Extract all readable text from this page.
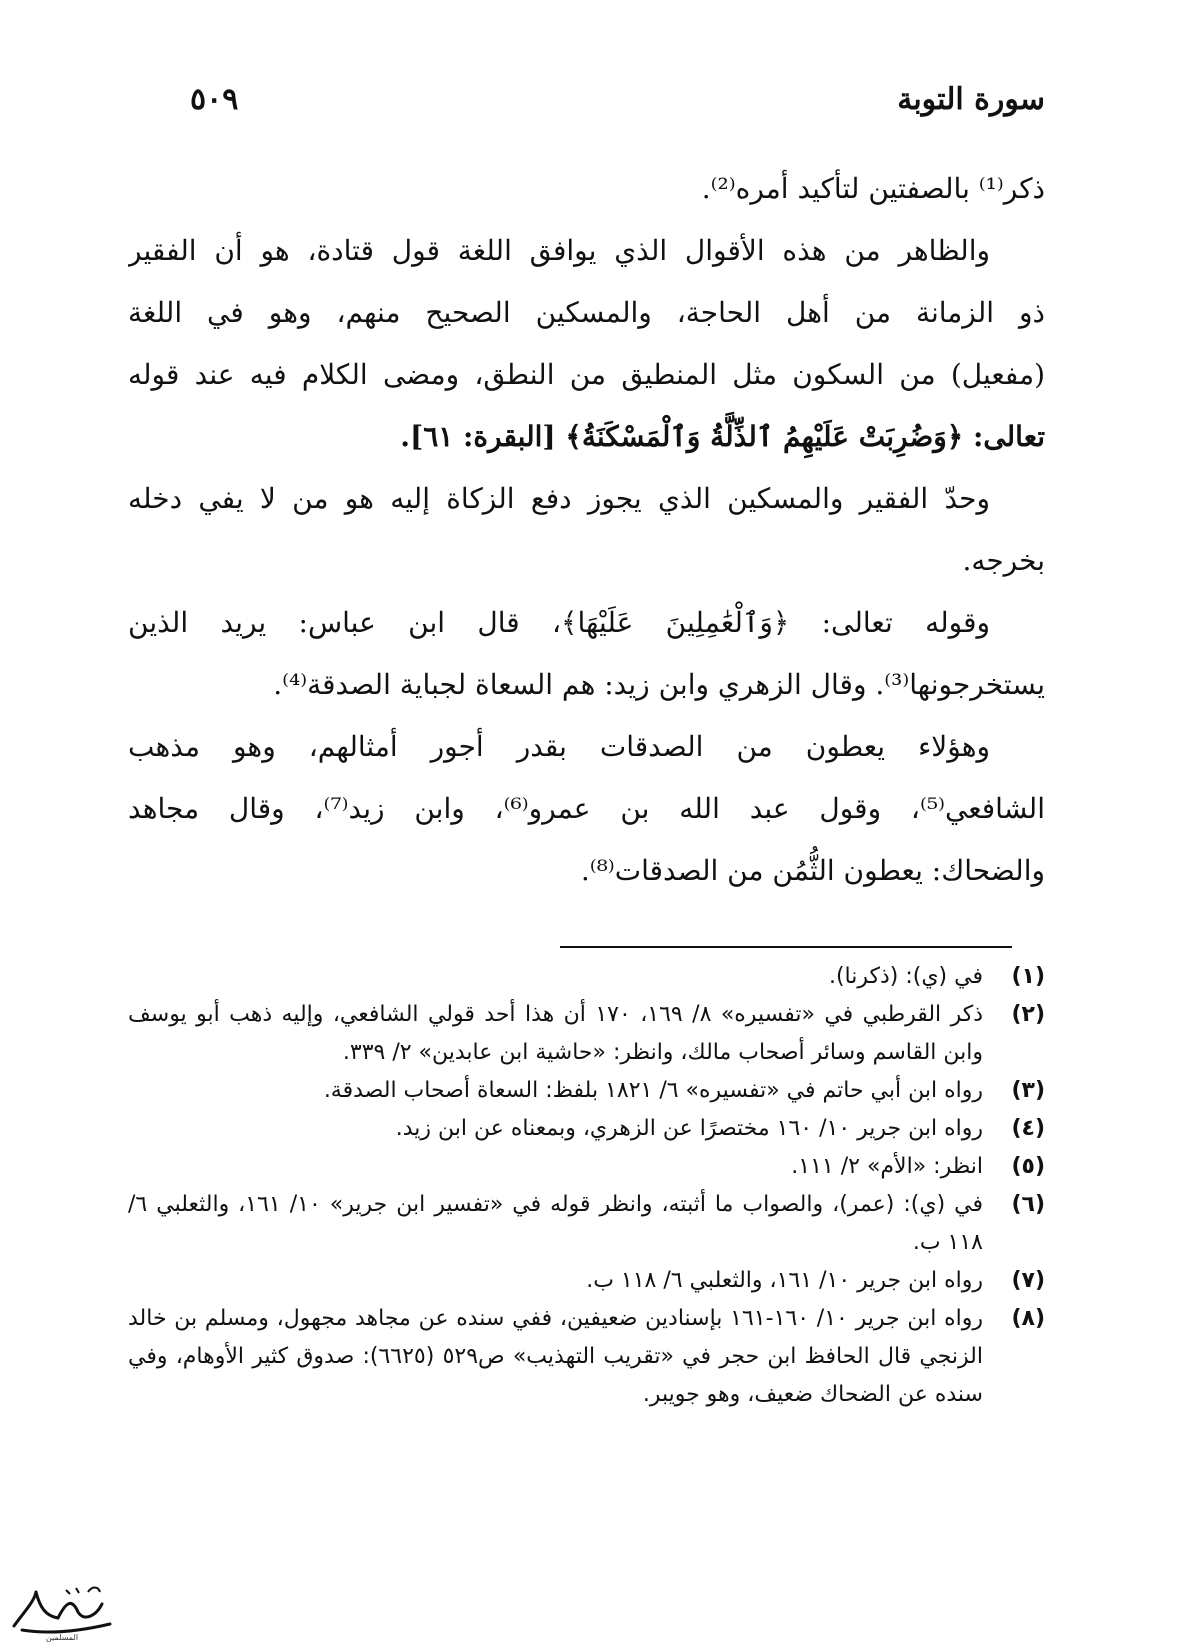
سورة التوبة
٥٠٩
ذكر⁽¹⁾ بالصفتين لتأكيد أمره⁽²⁾.
والظاهر من هذه الأقوال الذي يوافق اللغة قول قتادة، هو أن الفقير
ذو الزمانة من أهل الحاجة، والمسكين الصحيح منهم، وهو في اللغة
(مفعيل) من السكون مثل المنطيق من النطق، ومضى الكلام فيه عند قوله
تعالى: ﴿وَضُرِبَتْ عَلَيْهِمُ ٱلذِّلَّةُ وَٱلْمَسْكَنَةُ﴾ [البقرة: ٦١].
وحدّ الفقير والمسكين الذي يجوز دفع الزكاة إليه هو من لا يفي دخله
بخرجه.
وقوله تعالى: ﴿وَٱلْعَٰمِلِينَ عَلَيْهَا﴾، قال ابن عباس: يريد الذين
يستخرجونها⁽³⁾. وقال الزهري وابن زيد: هم السعاة لجباية الصدقة⁽⁴⁾.
وهؤلاء يعطون من الصدقات بقدر أجور أمثالهم، وهو مذهب
الشافعي⁽⁵⁾، وقول عبد الله بن عمرو⁽⁶⁾، وابن زيد⁽⁷⁾، وقال مجاهد
والضحاك: يعطون الثُّمُن من الصدقات⁽⁸⁾.
(١)
في (ي): (ذكرنا).
(٢)
ذكر القرطبي في «تفسيره» ٨/ ١٦٩، ١٧٠ أن هذا أحد قولي الشافعي، وإليه ذهب أبو يوسف وابن القاسم وسائر أصحاب مالك، وانظر: «حاشية ابن عابدين» ٢/ ٣٣٩.
(٣)
رواه ابن أبي حاتم في «تفسيره» ٦/ ١٨٢١ بلفظ: السعاة أصحاب الصدقة.
(٤)
رواه ابن جرير ١٠/ ١٦٠ مختصرًا عن الزهري، وبمعناه عن ابن زيد.
(٥)
انظر: «الأم» ٢/ ١١١.
(٦)
في (ي): (عمر)، والصواب ما أثبته، وانظر قوله في «تفسير ابن جرير» ١٠/ ١٦١، والثعلبي ٦/ ١١٨ ب.
(٧)
رواه ابن جرير ١٠/ ١٦١، والثعلبي ٦/ ١١٨ ب.
(٨)
رواه ابن جرير ١٠/ ١٦٠-١٦١ بإسنادين ضعيفين، ففي سنده عن مجاهد مجهول، ومسلم بن خالد الزنجي قال الحافظ ابن حجر في «تقريب التهذيب» ص٥٢٩ (٦٦٢٥): صدوق كثير الأوهام، وفي سنده عن الضحاك ضعيف، وهو جويبر.
المسلمين
